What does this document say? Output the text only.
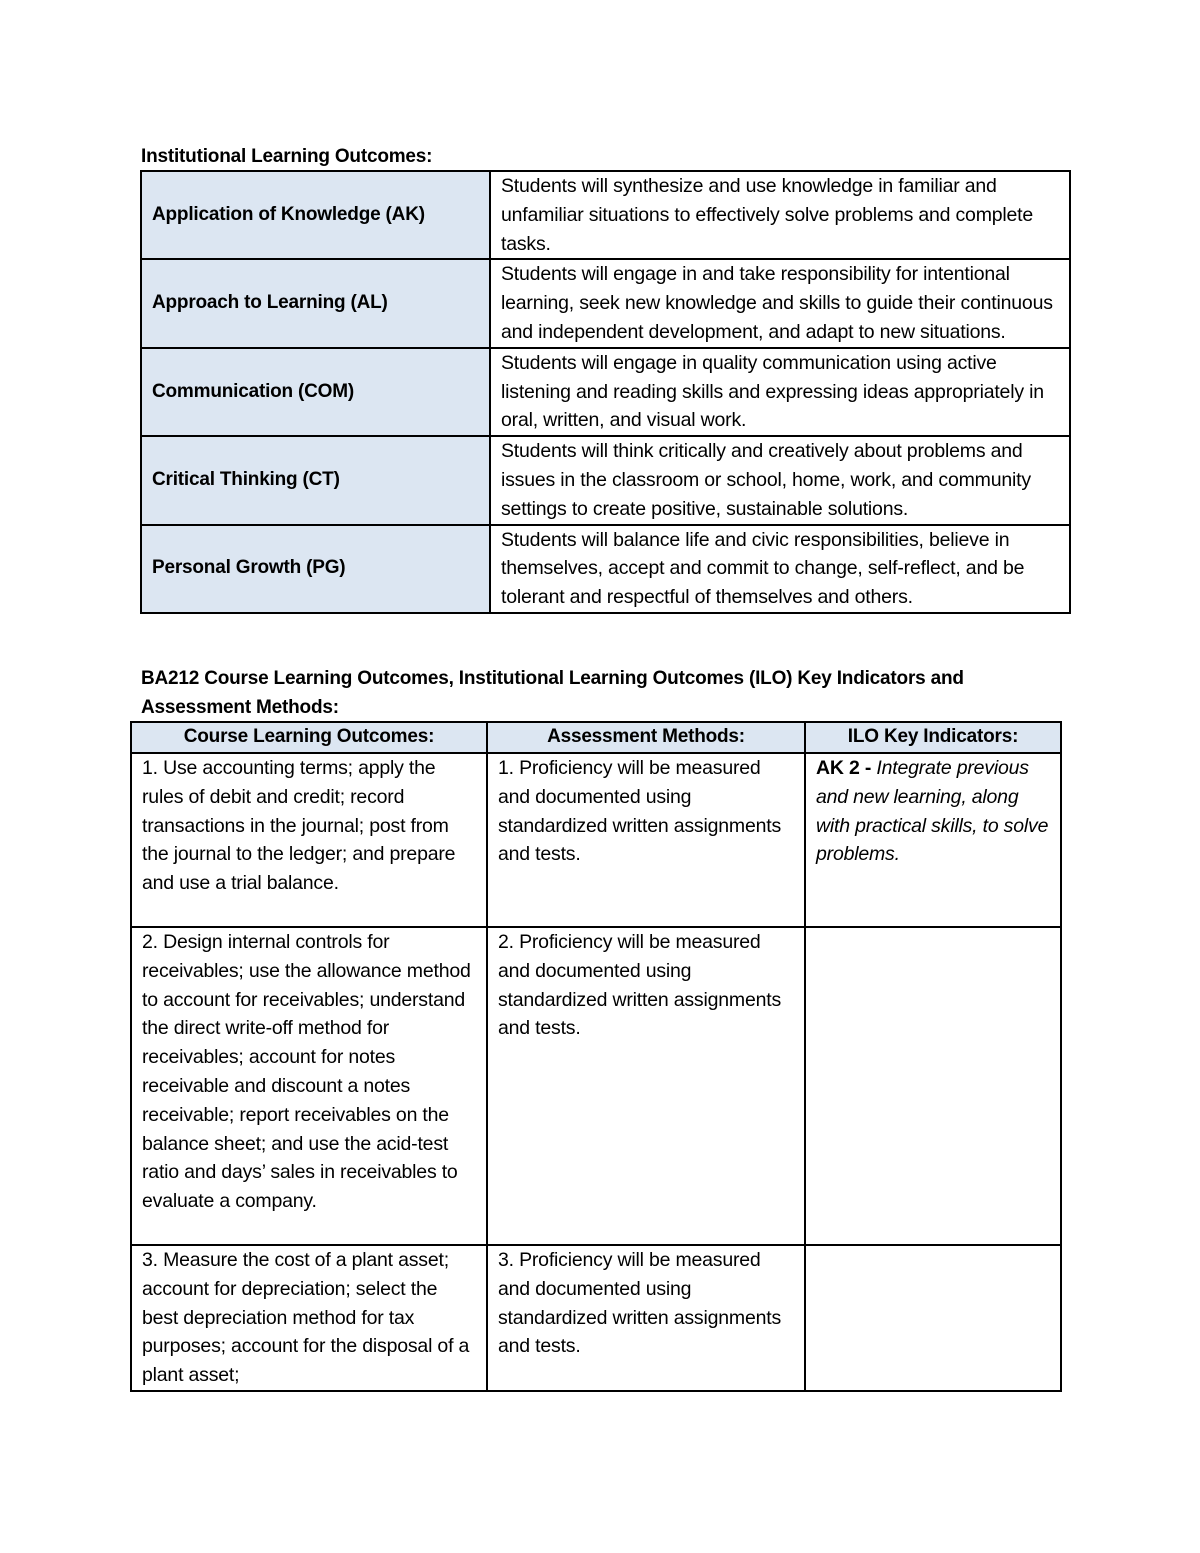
Institutional Learning Outcomes:
Application of Knowledge (AK)	Students will synthesize and use knowledge in familiar and unfamiliar situations to effectively solve problems and complete tasks.
Approach to Learning (AL)	Students will engage in and take responsibility for intentional learning, seek new knowledge and skills to guide their continuous and independent development, and adapt to new situations.
Communication (COM)	Students will engage in quality communication using active listening and reading skills and expressing ideas appropriately in oral, written, and visual work.
Critical Thinking (CT)	Students will think critically and creatively about problems and issues in the classroom or school, home, work, and community settings to create positive, sustainable solutions.
Personal Growth (PG)	Students will balance life and civic responsibilities, believe in themselves, accept and commit to change, self-reflect, and be tolerant and respectful of themselves and others.
BA212 Course Learning Outcomes, Institutional Learning Outcomes (ILO) Key Indicators and Assessment Methods:
Course Learning Outcomes:	Assessment Methods:	ILO Key Indicators:
1. Use accounting terms; apply the rules of debit and credit; record transactions in the journal; post from the journal to the ledger; and prepare and use a trial balance.	1. Proficiency will be measured and documented using standardized written assignments and tests.	AK 2 - Integrate previous and new learning, along with practical skills, to solve problems.
2. Design internal controls for receivables; use the allowance method to account for receivables; understand the direct write-off method for receivables; account for notes receivable and discount a notes receivable; report receivables on the balance sheet; and use the acid-test ratio and days’ sales in receivables to evaluate a company.	2. Proficiency will be measured and documented using standardized written assignments and tests.	
3. Measure the cost of a plant asset; account for depreciation; select the best depreciation method for tax purposes; account for the disposal of a plant asset;	3. Proficiency will be measured and documented using standardized written assignments and tests.	
